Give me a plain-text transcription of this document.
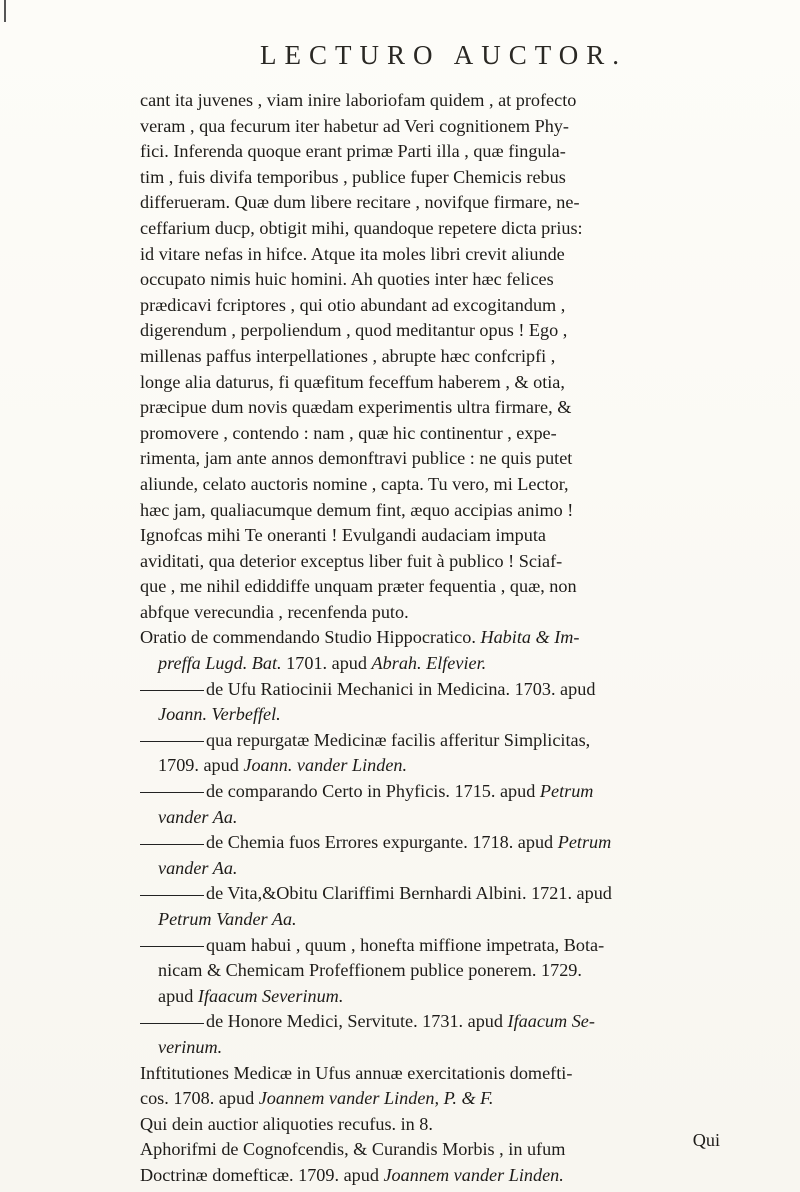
LECTURO AUCTOR.

cant ita juvenes , viam inire laboriofam quidem , at profecto

veram , qua fecurum iter habetur ad Veri cognitionem Phy-

fici. Inferenda quoque erant primæ Parti illa , quæ fingula-

tim , fuis divifa temporibus , publice fuper Chemicis rebus

differueram. Quæ dum libere recitare , novifque firmare, ne-

ceffarium ducp, obtigit mihi, quandoque repetere dicta prius:

id vitare nefas in hifce. Atque ita moles libri crevit aliunde

occupato nimis huic homini. Ah quoties inter hæc felices

prædicavi fcriptores , qui otio abundant ad excogitandum ,

digerendum , perpoliendum , quod meditantur opus ! Ego ,

millenas paffus interpellationes , abrupte hæc confcripfi ,

longe alia daturus, fi quæfitum feceffum haberem , & otia,

præcipue dum novis quædam experimentis ultra firmare, &

promovere , contendo : nam , quæ hic continentur , expe-

rimenta, jam ante annos demonftravi publice : ne quis putet

aliunde, celato auctoris nomine , capta. Tu vero, mi Lector,

hæc jam, qualiacumque demum fint, æquo accipias animo !

Ignofcas mihi Te oneranti ! Evulgandi audaciam imputa

aviditati, qua deterior exceptus liber fuit à publico ! Sciaf-

que , me nihil ediddiffe unquam præter fequentia , quæ, non

abfque verecundia , recenfenda puto.

Oratio de commendando Studio Hippocratico. Habita & Im-

preffa Lugd. Bat. 1701. apud Abrah. Elfevier.

de Ufu Ratiocinii Mechanici in Medicina. 1703. apud

Joann. Verbeffel.

qua repurgatæ Medicinæ facilis afferitur Simplicitas,

1709. apud Joann. vander Linden.

de comparando Certo in Phyficis. 1715. apud Petrum

vander Aa.

de Chemia fuos Errores expurgante. 1718. apud Petrum

vander Aa.

de Vita,&Obitu Clariffimi Bernhardi Albini. 1721. apud

Petrum Vander Aa.

quam habui , quum , honefta miffione impetrata, Bota-

nicam & Chemicam Profeffionem publice ponerem. 1729.

apud Ifaacum Severinum.

de Honore Medici, Servitute. 1731. apud Ifaacum Se-

verinum.

Inftitutiones Medicæ in Ufus annuæ exercitationis domefti-

cos. 1708. apud Joannem vander Linden, P. & F.

Qui dein auctior aliquoties recufus. in 8.

Aphorifmi de Cognofcendis, & Curandis Morbis , in ufum

Doctrinæ domefticæ. 1709. apud Joannem vander Linden.

Qui
